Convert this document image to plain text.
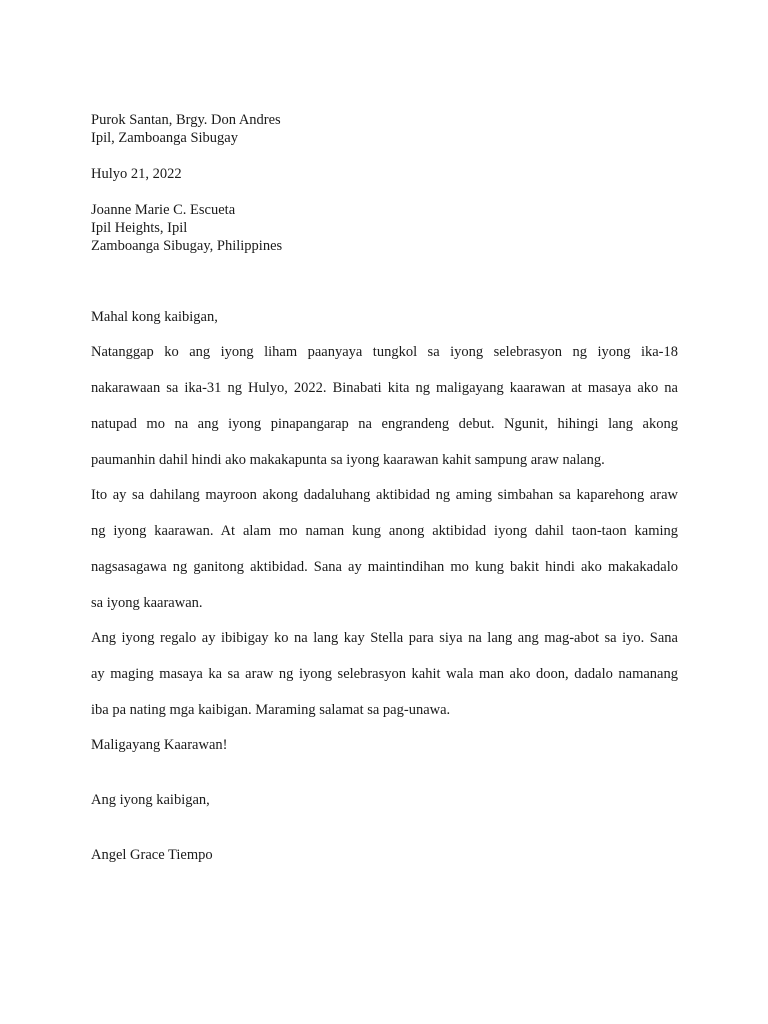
Purok Santan, Brgy. Don Andres
Ipil, Zamboanga Sibugay
Hulyo 21, 2022
Joanne Marie C. Escueta
Ipil Heights, Ipil
Zamboanga Sibugay, Philippines
Mahal kong kaibigan,
Natanggap ko ang iyong liham paanyaya tungkol sa iyong selebrasyon ng iyong ika-18
nakarawaan sa ika-31 ng Hulyo, 2022. Binabati kita ng maligayang kaarawan at masaya ako na
natupad mo na ang iyong pinapangarap na engrandeng debut. Ngunit, hihingi lang akong
paumanhin dahil hindi ako makakapunta sa iyong kaarawan kahit sampung araw nalang.
Ito ay sa dahilang mayroon akong dadaluhang aktibidad ng aming simbahan sa kaparehong araw
ng iyong kaarawan. At alam mo naman kung anong aktibidad iyong dahil taon-taon kaming
nagsasagawa ng ganitong aktibidad. Sana ay maintindihan mo kung bakit hindi ako makakadalo
sa iyong kaarawan.
Ang iyong regalo ay ibibigay ko na lang kay Stella para siya na lang ang mag-abot sa iyo. Sana
ay maging masaya ka sa araw ng iyong selebrasyon kahit wala man ako doon, dadalo namanang
iba pa nating mga kaibigan. Maraming salamat sa pag-unawa.
Maligayang Kaarawan!
Ang iyong kaibigan,
Angel Grace Tiempo
